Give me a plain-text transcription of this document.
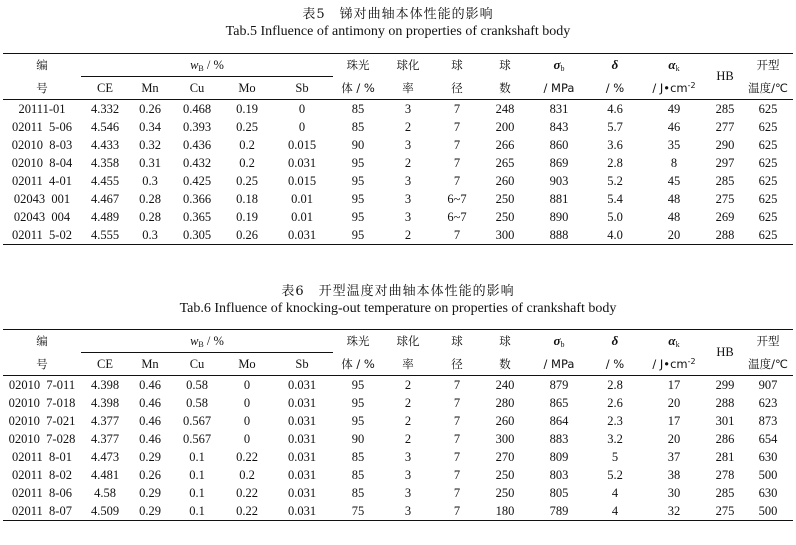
表5　锑对曲轴本体性能的影响
Tab.5 Influence of antimony on properties of crankshaft body
编	$w_B$ / %					珠光	球化	球	球	$\sigma_b$	δ	$\alpha_k$	HB	开型
号	CE	Mn	Cu	Mo	Sb	体 / %	率	径	数	/ MPa	/ %	/ $J•cm^{-2}$		温度/℃
20111-01	4.332	0.26	0.468	0.19	0	85	3	7	248	831	4.6	49	285	625
02011  5-06	4.546	0.34	0.393	0.25	0	85	2	7	200	843	5.7	46	277	625
02010  8-03	4.433	0.32	0.436	0.2	0.015	90	3	7	266	860	3.6	35	290	625
02010  8-04	4.358	0.31	0.432	0.2	0.031	95	2	7	265	869	2.8	8	297	625
02011  4-01	4.455	0.3	0.425	0.25	0.015	95	3	7	260	903	5.2	45	285	625
02043  001	4.467	0.28	0.366	0.18	0.01	95	3	6~7	250	881	5.4	48	275	625
02043  004	4.489	0.28	0.365	0.19	0.01	95	3	6~7	250	890	5.0	48	269	625
02011  5-02	4.555	0.3	0.305	0.26	0.031	95	2	7	300	888	4.0	20	288	625
表6　开型温度对曲轴本体性能的影响
Tab.6 Influence of knocking-out temperature on properties of crankshaft body
编	$w_B$ / %					珠光	球化	球	球	$\sigma_b$	δ	$\alpha_k$	HB	开型
号	CE	Mn	Cu	Mo	Sb	体 / %	率	径	数	/ MPa	/ %	/ $J•cm^{-2}$		温度/℃
02010  7-011	4.398	0.46	0.58	0	0.031	95	2	7	240	879	2.8	17	299	907
02010  7-018	4.398	0.46	0.58	0	0.031	95	2	7	280	865	2.6	20	288	623
02010  7-021	4.377	0.46	0.567	0	0.031	95	2	7	260	864	2.3	17	301	873
02010  7-028	4.377	0.46	0.567	0	0.031	90	2	7	300	883	3.2	20	286	654
02011  8-01	4.473	0.29	0.1	0.22	0.031	85	3	7	270	809	5	37	281	630
02011  8-02	4.481	0.26	0.1	0.2	0.031	85	3	7	250	803	5.2	38	278	500
02011  8-06	4.58	0.29	0.1	0.22	0.031	85	3	7	250	805	4	30	285	630
02011  8-07	4.509	0.29	0.1	0.22	0.031	75	3	7	180	789	4	32	275	500
